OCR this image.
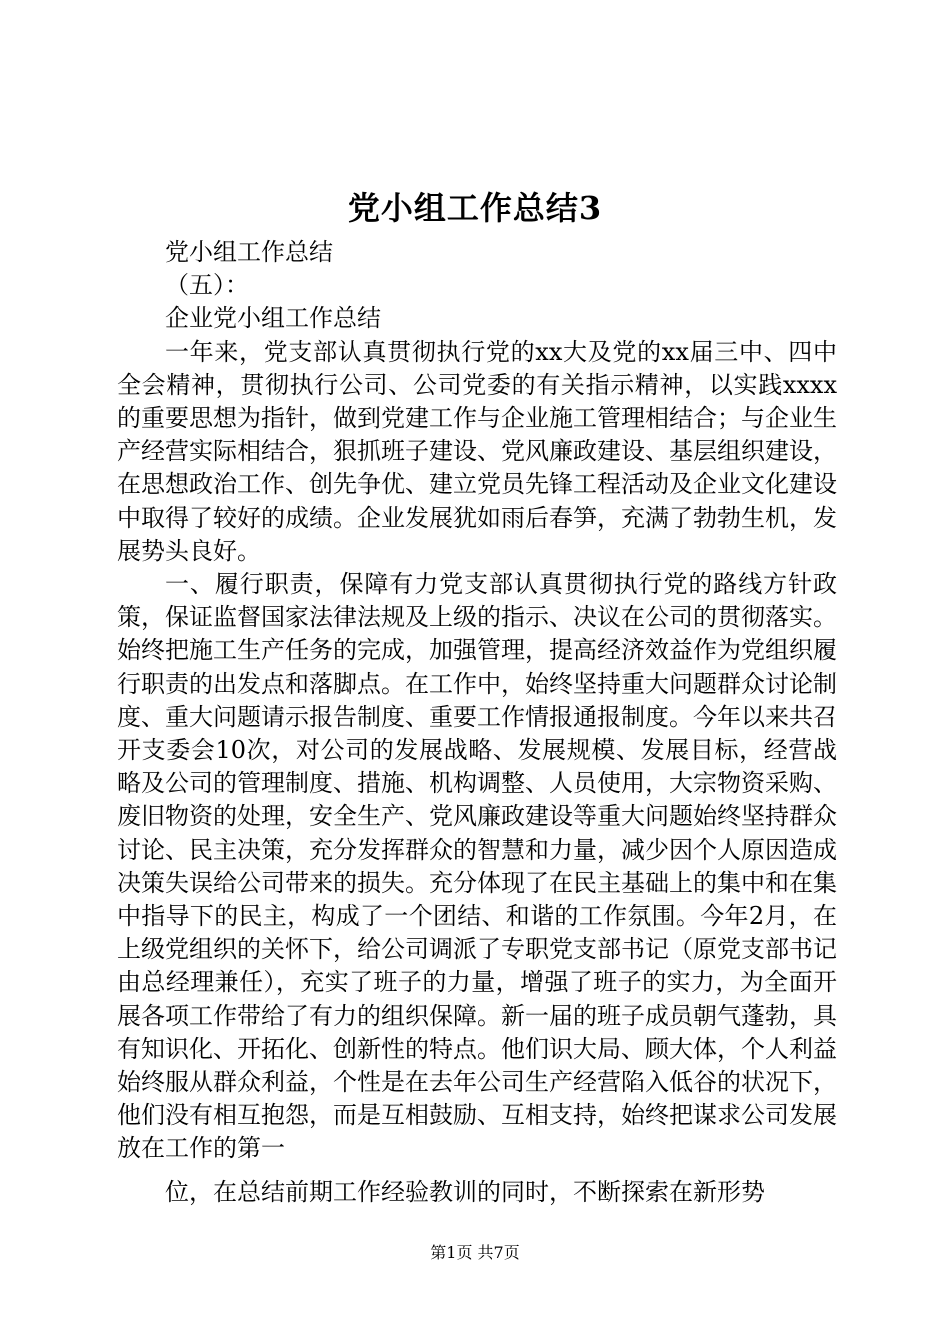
党小组工作总结3

党小组工作总结

（五）：

企业党小组工作总结

一年来，党支部认真贯彻执行党的xx大及党的xx届三中、四中全会精神，贯彻执行公司、公司党委的有关指示精神，以实践xxxx的重要思想为指针，做到党建工作与企业施工管理相结合；与企业生产经营实际相结合，狠抓班子建设、党风廉政建设、基层组织建设，在思想政治工作、创先争优、建立党员先锋工程活动及企业文化建设中取得了较好的成绩。企业发展犹如雨后春笋，充满了勃勃生机，发展势头良好。

一、履行职责，保障有力党支部认真贯彻执行党的路线方针政策，保证监督国家法律法规及上级的指示、决议在公司的贯彻落实。始终把施工生产任务的完成，加强管理，提高经济效益作为党组织履行职责的出发点和落脚点。在工作中，始终坚持重大问题群众讨论制度、重大问题请示报告制度、重要工作情报通报制度。今年以来共召开支委会10次，对公司的发展战略、发展规模、发展目标，经营战略及公司的管理制度、措施、机构调整、人员使用，大宗物资采购、废旧物资的处理，安全生产、党风廉政建设等重大问题始终坚持群众讨论、民主决策，充分发挥群众的智慧和力量，减少因个人原因造成决策失误给公司带来的损失。充分体现了在民主基础上的集中和在集中指导下的民主，构成了一个团结、和谐的工作氛围。今年2月，在上级党组织的关怀下，给公司调派了专职党支部书记（原党支部书记由总经理兼任），充实了班子的力量，增强了班子的实力，为全面开展各项工作带给了有力的组织保障。新一届的班子成员朝气蓬勃，具有知识化、开拓化、创新性的特点。他们识大局、顾大体，个人利益始终服从群众利益，个性是在去年公司生产经营陷入低谷的状况下，他们没有相互抱怨，而是互相鼓励、互相支持，始终把谋求公司发展放在工作的第一

位，在总结前期工作经验教训的同时，不断探索在新形势

第1页 共7页
